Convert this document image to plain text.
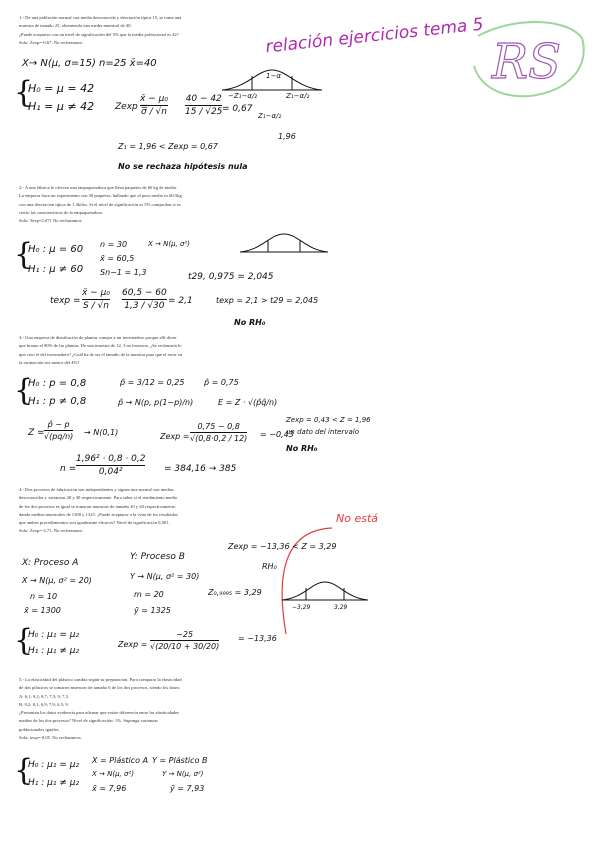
relación ejercicios tema 5 RS
1.- De una población normal con media desconocida y desviación típica 15, se toma una
muestra de tamaño 25, obteniendo una media muestral de 40.
¿Puede aceptarse con un nivel de significación del 5% que la media poblacional es 42?
Solu: Zexp=-0,67. No rechazamos.
X→ N(μ, σ=15) n=25 x̄=40
{
H₀ = μ = 42
H₁ = μ ≠ 42 Zexp =
x̄ − μ₀
σ / √n
40 − 42
15 / √25 = 0,67
1−α
−Z₁−α/₂	Z₁−α/₂
Z₁−α/₂
1,96
Z₁ = 1,96 < Zexp = 0,67
No se rechaza hipótesis nula
2.- A una fábrica le ofrecen una empaquetadora que llena paquetes de 60 kg de media.
La empresa hace un experimento con 30 paquetes, hallando que el peso medio es 60,5kg
con una desviación típica de 1,3kilos. Si el nivel de significación es 5% comprobar si es
cierto las características de la empaquetadora.
Solu: Texp=2,071 No rechazamos.
{
H₀ : μ = 60
H₁ : μ ≠ 60
n = 30
x̄ = 60,5
Sn−1 = 1,3
X → N(μ, σ²)
t29, 0,975 = 2,045
texp =
x̄ − μ₀
S / √n
60,5 − 60
1,3 / √30 = 2,1	texp = 2,1 > t29 = 2,045
No RH₀
3.- Una empresa de distribución de plantas compra a un invernadero porque allí dicen
que brotan el 80% de las plantas. De una muestra de 12, 3 no brotaron. ¿Se rechazaría lo
que creo el del invernadero? ¿Cuál ha de ser el tamaño de la muestra para que el error en
la estimación sea menor del 4%?
{
H₀ : p = 0,8
H₁ : p ≠ 0,8
p̂ = 3/12 = 0,25 p̂ = 0,75
p̂ → N(p, p(1−p)/n)	E = Z · √(p̂q̂/n)
Z =
p̂ − p
√(pq/n) → N(0,1)	Zexp =
0,75 − 0,8
√(0,8·0,2 / 12) = −0,43
Zexp = 0,43 < Z = 1,96
un dato del intervalo
No RH₀
n =
1,96² · 0,8 · 0,2
0,04²	= 384,16 → 385
4.- Dos procesos de fabricación son independientes y siguen una normal con medias
desconocidas y varianzas 20 y 30 respectivamente. Para saber si el rendimiento medio
de los dos procesos es igual se tomaron muestras de tamaño 10 y 20 respectivamente,
dando medias muestrales de 1300 y 1325. ¿Puede aceptarse a la vista de los resultados
que ambos procedimientos son igualmente eficaces? Nivel de significación 0,001.
Solu: Zexp=-2,71. No rechazamos.
No está
Zexp = −13,36 < Z = 3,29
RH₀
X: Proceso A
X → N(μ, σ² = 20)
n = 10
x̄ = 1300
Y: Proceso B
Y → N(μ, σ² = 30)
m = 20
ȳ = 1325
Z₀,₉₉₉₅ = 3,29
−3,29	3,29
{
H₀ : μ₁ = μ₂
H₁ : μ₁ ≠ μ₂
Zexp =
−25
√(20/10 + 30/20)
= −13,36
5.- La elasticidad del plástico cambia según su preparación. Para comparar la elasticidad
de dos plásticos se tomaron muestras de tamaño 6 de los dos procesos, siendo los datos:
A: 6,1; 9,2; 8,7; 7,5; 9; 7,3.
B: 9,2; 8,1; 6,9; 7,9; 6,5; 9.
¿Presentan los datos evidencia para afirmar que existe diferencia entre las elasticidades
medias de los dos procesos? Nivel de significación: 1%. Suponga varianzas
poblacionales iguales.
Solu: texp=-0,05. No rechazamos.
{
H₀ : μ₁ = μ₂
H₁ : μ₁ ≠ μ₂
X = Plástico A
X → N(μ, σ²)
x̄ = 7,96
Y = Plástico B
Y → N(μ, σ²)
ȳ = 7,93
